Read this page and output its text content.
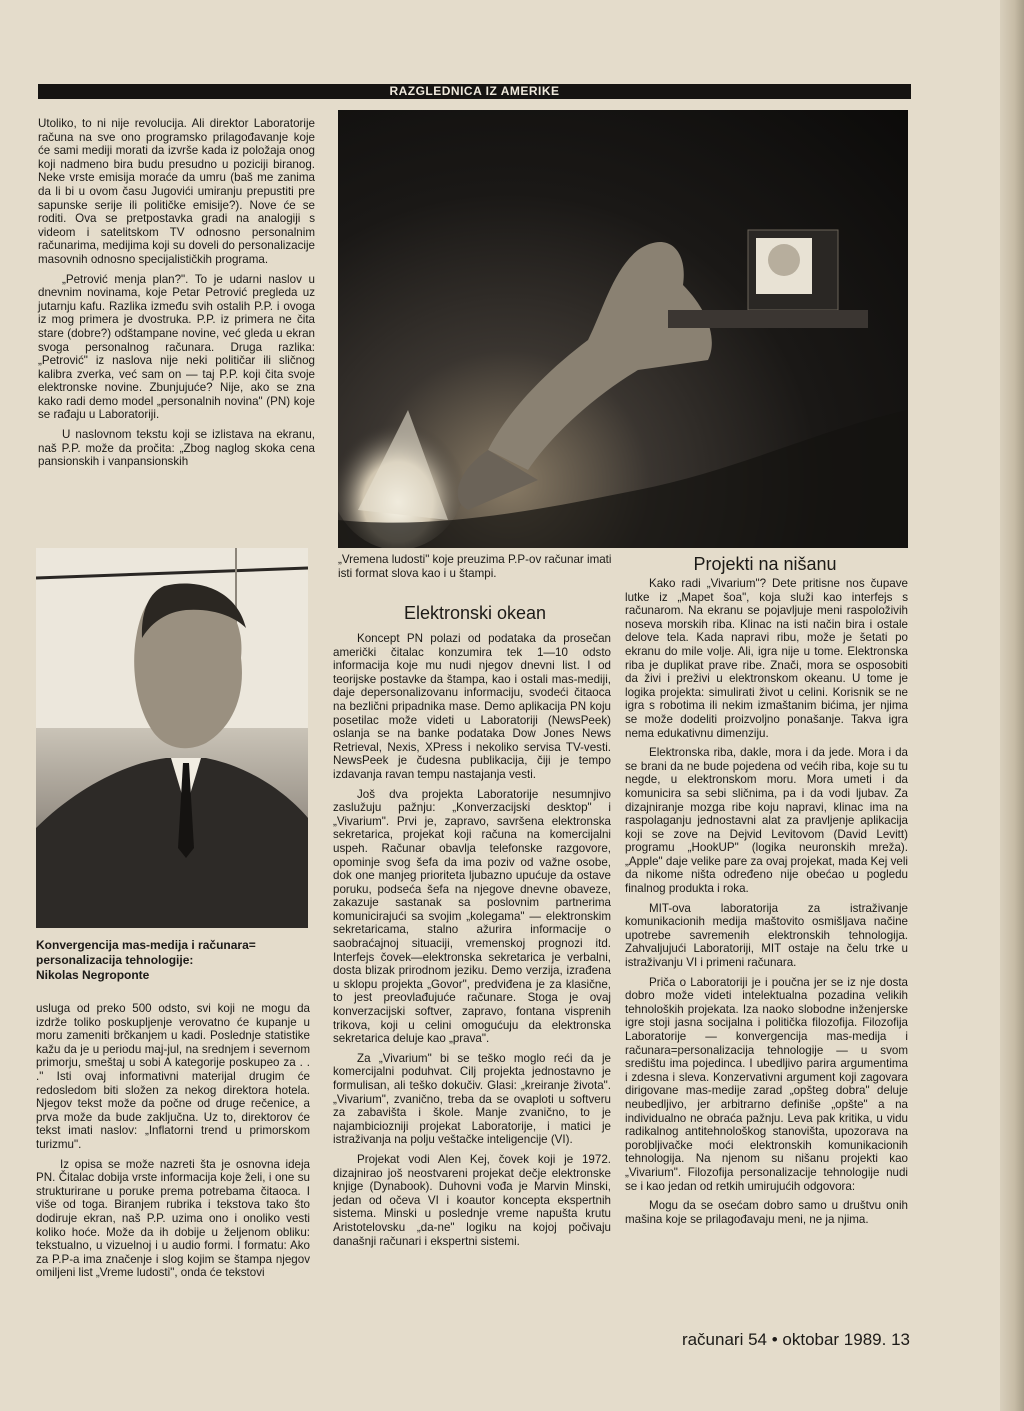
RAZGLEDNICA IZ AMERIKE

Utoliko, to ni nije revolucija. Ali direktor Laboratorije računa na sve ono programsko prilagođavanje koje će sami mediji morati da izvrše kada iz položaja onog koji nadmeno bira budu presudno u poziciji biranog. Neke vrste emisija moraće da umru (baš me zanima da li bi u ovom času Jugovići umiranju prepustiti pre sapunske serije ili političke emisije?). Nove će se roditi. Ova se pretpostavka gradi na analogiji s videom i satelitskom TV odnosno personalnim računarima, medijima koji su doveli do personalizacije masovnih odnosno specijalističkih programa.

„Petrović menja plan?". To je udarni naslov u dnevnim novinama, koje Petar Petrović pregleda uz jutarnju kafu. Razlika između svih ostalih P.P. i ovoga iz mog primera je dvostruka. P.P. iz primera ne čita stare (dobre?) odštampane novine, već gleda u ekran svoga personalnog računara. Druga razlika: „Petrović" iz naslova nije neki političar ili sličnog kalibra zverka, već sam on — taj P.P. koji čita svoje elektronske novine. Zbunjujuće? Nije, ako se zna kako radi demo model „personalnih novina" (PN) koje se rađaju u Laboratoriji.

U naslovnom tekstu koji se izlistava na ekranu, naš P.P. može da pročita: „Zbog naglog skoka cena pansionskih i vanpansionskih

„Vremena ludosti" koje preuzima P.P-ov računar imati isti format slova kao i u štampi.
Konvergencija mas-medija i računara=
personalizacija tehnologije:
Nikolas Negroponte

usluga od preko 500 odsto, svi koji ne mogu da izdrže toliko poskupljenje verovatno će kupanje u moru zameniti brčkanjem u kadi. Poslednje statistike kažu da je u periodu maj-jul, na srednjem i severnom primorju, smeštaj u sobi A kategorije poskupeo za . . ." Isti ovaj informativni materijal drugim će redosledom biti složen za nekog direktora hotela. Njegov tekst može da počne od druge rečenice, a prva može da bude zaključna. Uz to, direktorov će tekst imati naslov: „Inflatorni trend u primorskom turizmu".

Iz opisa se može nazreti šta je osnovna ideja PN. Čitalac dobija vrste informacija koje želi, i one su strukturirane u poruke prema potrebama čitaoca. I više od toga. Biranjem rubrika i tekstova tako što dodiruje ekran, naš P.P. uzima ono i onoliko vesti koliko hoće. Može da ih dobije u željenom obliku: tekstualno, u vizuelnoj i u audio formi. I formatu: Ako za P.P-a ima značenje i slog kojim se štampa njegov omiljeni list „Vreme ludosti", onda će tekstovi

Elektronski okean

Koncept PN polazi od podataka da prosečan američki čitalac konzumira tek 1—10 odsto informacija koje mu nudi njegov dnevni list. I od teorijske postavke da štampa, kao i ostali mas-mediji, daje depersonalizovanu informaciju, svodeći čitaoca na bezlični pripadnika mase. Demo aplikacija PN koju posetilac može videti u Laboratoriji (NewsPeek) oslanja se na banke podataka Dow Jones News Retrieval, Nexis, XPress i nekoliko servisa TV-vesti. NewsPeek je čudesna publikacija, čiji je tempo izdavanja ravan tempu nastajanja vesti.

Još dva projekta Laboratorije nesumnjivo zaslužuju pažnju: „Konverzacijski desktop" i „Vivarium". Prvi je, zapravo, savršena elektronska sekretarica, projekat koji računa na komercijalni uspeh. Računar obavlja telefonske razgovore, opominje svog šefa da ima poziv od važne osobe, dok one manjeg prioriteta ljubazno upućuje da ostave poruku, podseća šefa na njegove dnevne obaveze, zakazuje sastanak sa poslovnim partnerima komunicirajući sa svojim „kolegama" — elektronskim sekretaricama, stalno ažurira informacije o saobraćajnoj situaciji, vremenskoj prognozi itd. Interfejs čovek—elektronska sekretarica je verbalni, dosta blizak prirodnom jeziku. Demo verzija, izrađena u sklopu projekta „Govor", predviđena je za klasične, to jest preovlađujuće računare. Stoga je ovaj konverzacijski softver, zapravo, fontana visprenih trikova, koji u celini omogućuju da elektronska sekretarica deluje kao „prava".

Za „Vivarium" bi se teško moglo reći da je komercijalni poduhvat. Cilj projekta jednostavno je formulisan, ali teško dokučiv. Glasi: „kreiranje života". „Vivarium", zvanično, treba da se ovaploti u softveru za zabavišta i škole. Manje zvanično, to je najambiciozniji projekat Laboratorije, i matici je istraživanja na polju veštačke inteligencije (VI).

Projekat vodi Alen Kej, čovek koji je 1972. dizajnirao još neostvareni projekat dečje elektronske knjige (Dynabook). Duhovni vođa je Marvin Minski, jedan od očeva VI i koautor koncepta ekspertnih sistema. Minski u poslednje vreme napušta krutu Aristotelovsku „da-ne" logiku na kojoj počivaju današnji računari i ekspertni sistemi.

Projekti na nišanu

Kako radi „Vivarium"? Dete pritisne nos čupave lutke iz „Mapet šoa", koja služi kao interfejs s računarom. Na ekranu se pojavljuje meni raspoloživih noseva morskih riba. Klinac na isti način bira i ostale delove tela. Kada napravi ribu, može je šetati po ekranu do mile volje. Ali, igra nije u tome. Elektronska riba je duplikat prave ribe. Znači, mora se osposobiti da živi i preživi u elektronskom okeanu. U tome je logika projekta: simulirati život u celini. Korisnik se ne igra s robotima ili nekim izmaštanim bićima, jer njima se može dodeliti proizvoljno ponašanje. Takva igra nema edukativnu dimenziju.

Elektronska riba, dakle, mora i da jede. Mora i da se brani da ne bude pojedena od većih riba, koje su tu negde, u elektronskom moru. Mora umeti i da komunicira sa sebi sličnima, pa i da vodi ljubav. Za dizajniranje mozga ribe koju napravi, klinac ima na raspolaganju jednostavni alat za pravljenje aplikacija koji se zove na Dejvid Levitovom (David Levitt) programu „HookUP" (logika neuronskih mreža). „Apple" daje velike pare za ovaj projekat, mada Kej veli da nikome ništa određeno nije obećao u pogledu finalnog produkta i roka.

MIT-ova laboratorija za istraživanje komunikacionih medija maštovito osmišljava načine upotrebe savremenih elektronskih tehnologija. Zahvaljujući Laboratoriji, MIT ostaje na čelu trke u istraživanju VI i primeni računara.

Priča o Laboratoriji je i poučna jer se iz nje dosta dobro može videti intelektualna pozadina velikih tehnoloških projekata. Iza naoko slobodne inženjerske igre stoji jasna socijalna i politička filozofija. Filozofija Laboratorije — konvergencija mas-medija i računara=personalizacija tehnologije — u svom središtu ima pojedinca. I ubedljivo parira argumentima i zdesna i sleva. Konzervativni argument koji zagovara dirigovane mas-medije zarad „opšteg dobra" deluje neubedljivo, jer arbitrarno definiše „opšte" a na individualno ne obraća pažnju. Leva pak kritika, u vidu radikalnog antitehnološkog stanovišta, upozorava na porobljivačke moći elektronskih komunikacionih tehnologija. Na njenom su nišanu projekti kao „Vivarium". Filozofija personalizacije tehnologije nudi se i kao jedan od retkih umirujućih odgovora:

Mogu da se osećam dobro samo u društvu onih mašina koje se prilagođavaju meni, ne ja njima.

računari 54 • oktobar 1989. 13
